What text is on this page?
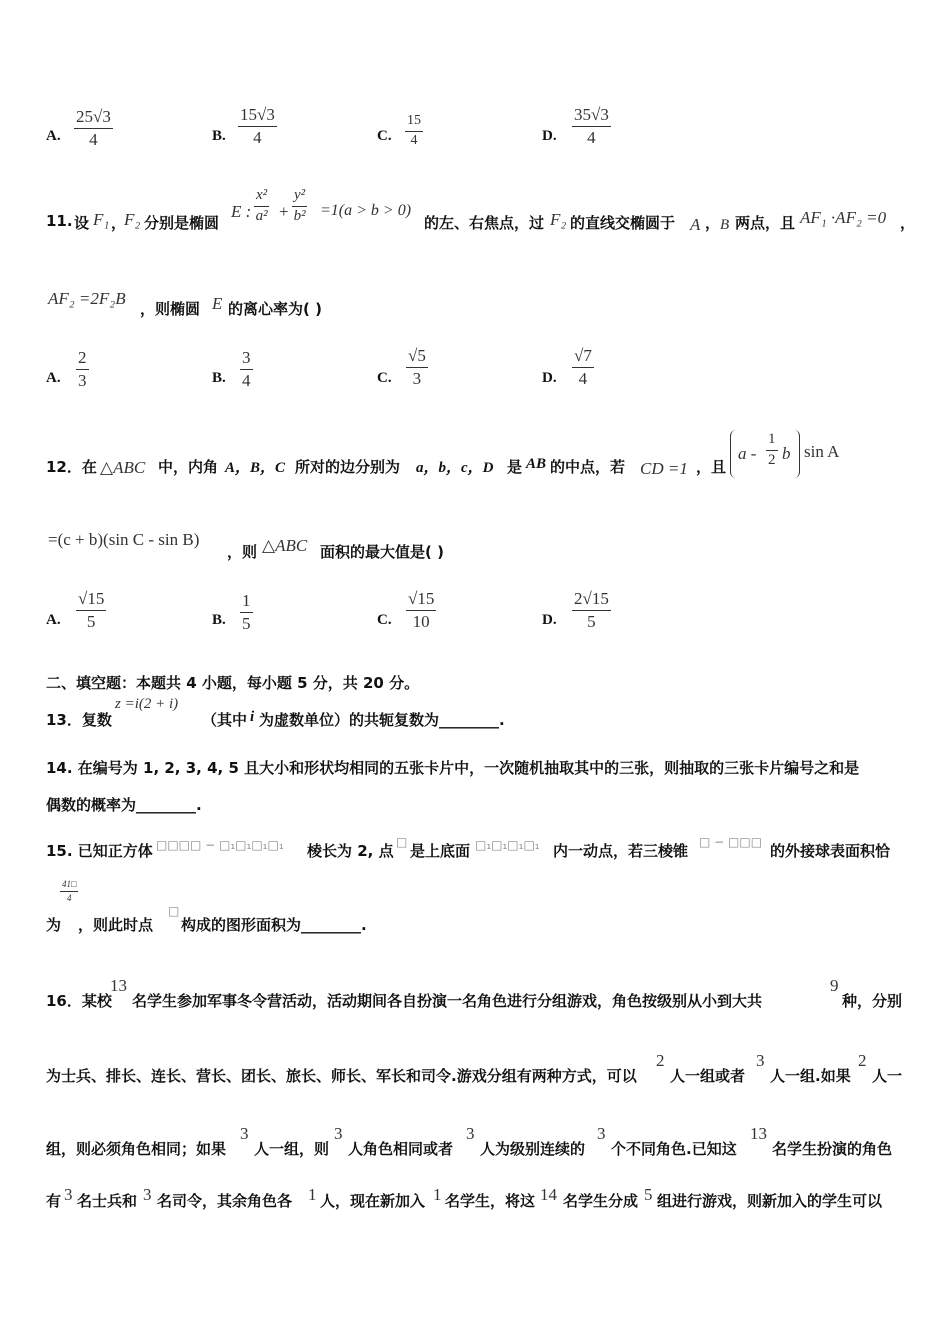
A. $\frac{25√3}{4}$	B. $\frac{15√3}{4}$	C. $\frac{15}{4}$	D. $\frac{35√3}{4}$
11. 设 F₁ ，
F₂ 分别是椭圆
E : $\frac{\text{x²}}{\text{a²}} + \frac{\text{y²}}{\text{b²}} =1(a > b > 0)$
的左、右焦点，过 F₂ 的直线交椭圆于 A ， B 两点，且 AF₁ ·AF₂ =0 ，
AF₂ =2F₂B
，则椭圆 E 的离心率为( )
A. $\frac{2}{3}$	B. $\frac{3}{4}$	C. $\frac{√5}{3}$	D. $\frac{√7}{4}$
12．在 △ABC 中，内角 A，B，C 所对的边分别为 a，b，c，D 是 AB 的中点，若 CD =1 ，且
a - $\frac{1}{2}$ b sin A
=(c + b)(sin C - sin B)
，则 △ABC 面积的最大值是( )
A. $\frac{√15}{5}$	B. $\frac{1}{5}$	C. $\frac{√15}{10}$	D. $\frac{2√15}{5}$
二、填空题：本题共 4 小题，每小题 5 分，共 20 分。
13．复数
z =i(2 + i)
（其中 i 为虚数单位）的共轭复数为________.
14. 在编号为 1, 2, 3, 4, 5 且大小和形状均相同的五张卡片中，一次随机抽取其中的三张，则抽取的三张卡片编号之和是
偶数的概率为________.
15. 已知正方体 □□□□ − □₁□₁□₁□₁ 棱长为 2, 点 □ 是上底面 □₁□₁□₁□₁ 内一动点，若三棱锥 □ − □□□ 的外接球表面积恰
$\frac{41□}{4}$
为 ，则此时点
□
构成的图形面积为________.
16．某校
13
名学生参加军事冬令营活动，活动期间各自扮演一名角色进行分组游戏，角色按级别从小到大共
9
种，分别
为士兵、排长、连长、营长、团长、旅长、师长、军长和司令.游戏分组有两种方式，可以
2
人一组或者
3
人一组.如果
2
人一
组，则必须角色相同；如果
3
人一组，则
3
人角色相同或者
3
人为级别连续的
3
个不同角色.已知这
13
名学生扮演的角色
有 3 名士兵和 3 名司令，其余角色各 1 人，现在新加入 1 名学生，将这 14 名学生分成 5 组进行游戏，则新加入的学生可以
